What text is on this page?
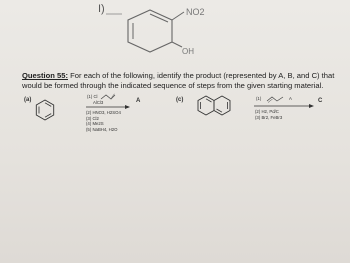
I)	NO2
OH
Question 55: For each of the following, identify the product (represented by A, B, and C) that would be formed through the indicated sequence of steps from the given starting material.
(a)
(1) Cl
AlCl3
(2) HNO3, H2SO4
(3) Cl2
(4) Me2S
(5) NaBH4, H2O
A	(c)	(1)	A
(2) H2, Pd/C
(3) Br2, FeBr3
C
